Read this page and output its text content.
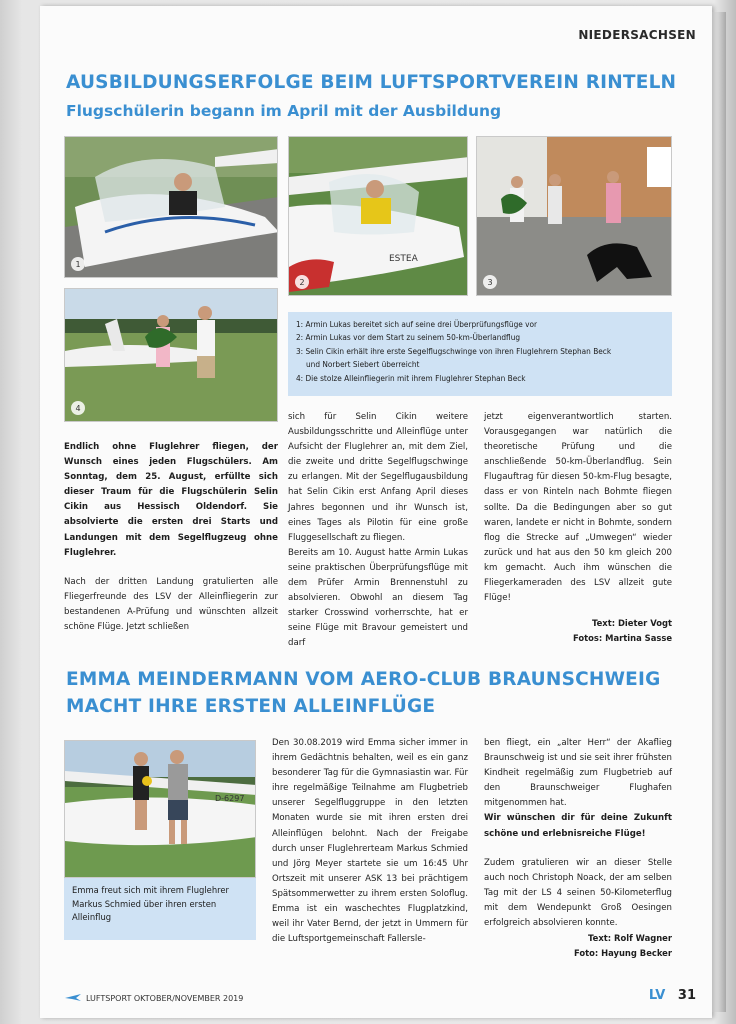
NIEDERSACHSEN
AUSBILDUNGSERFOLGE BEIM LUFTSPORTVEREIN RINTELN
Flugschülerin begann im April mit der Ausbildung
1	ESTEA
2	3
4
1: Armin Lukas bereitet sich auf seine drei Überprüfungsflüge vor
2: Armin Lukas vor dem Start zu seinem 50-km-Überlandflug
3: Selin Cikin erhält ihre erste Segelflugschwinge von ihren Fluglehrern Stephan Beck
und Norbert Siebert überreicht
4: Die stolze Alleinfliegerin mit ihrem Fluglehrer Stephan Beck

Endlich ohne Fluglehrer fliegen, der Wunsch eines jeden Flugschülers. Am Sonntag, dem 25. August, erfüllte sich dieser Traum für die Flugschülerin Selin Cikin aus Hessisch Oldendorf. Sie absolvierte die ersten drei Starts und Landungen mit dem Segelflugzeug ohne Fluglehrer.

Nach der dritten Landung gratulierten alle Fliegerfreunde des LSV der Alleinfliegerin zur bestandenen A-Prüfung und wünschten allzeit schöne Flüge. Jetzt schließen

sich für Selin Cikin weitere Ausbildungsschritte und Alleinflüge unter Aufsicht der Fluglehrer an, mit dem Ziel, die zweite und dritte Segelflugschwinge zu erlangen. Mit der Segelflugausbildung hat Selin Cikin erst Anfang April dieses Jahres begonnen und ihr Wunsch ist, eines Tages als Pilotin für eine große Fluggesellschaft zu fliegen.

Bereits am 10. August hatte Armin Lukas seine praktischen Überprüfungsflüge mit dem Prüfer Armin Brennenstuhl zu absolvieren. Obwohl an diesem Tag starker Crosswind vorherrschte, hat er seine Flüge mit Bravour gemeistert und darf

jetzt eigenverantwortlich starten. Vorausgegangen war natürlich die theoretische Prüfung und die anschließende 50-km-Überlandflug. Sein Flugauftrag für diesen 50-km-Flug besagte, dass er von Rinteln nach Bohmte fliegen sollte. Da die Bedingungen aber so gut waren, landete er nicht in Bohmte, sondern flog die Strecke auf „Umwegen“ wieder zurück und hat aus den 50 km gleich 200 km gemacht. Auch ihm wünschen die Fliegerkameraden des LSV allzeit gute Flüge!

Text: Dieter Vogt

Fotos: Martina Sasse

EMMA MEINDERMANN VOM AERO-CLUB BRAUNSCHWEIG MACHT IHRE ERSTEN ALLEINFLÜGE
D-6297
Emma freut sich mit ihrem Fluglehrer Markus Schmied über ihren ersten Alleinflug

Den 30.08.2019 wird Emma sicher immer in ihrem Gedächtnis behalten, weil es ein ganz besonderer Tag für die Gymnasiastin war. Für ihre regelmäßige Teilnahme am Flugbetrieb unserer Segelfluggruppe in den letzten Monaten wurde sie mit ihren ersten drei Alleinflügen belohnt. Nach der Freigabe durch unser Fluglehrerteam Markus Schmied und Jörg Meyer startete sie um 16:45 Uhr Ortszeit mit unserer ASK 13 bei prächtigem Spätsommerwetter zu ihrem ersten Soloflug. Emma ist ein waschechtes Flugplatzkind, weil ihr Vater Bernd, der jetzt in Ummern für die Luftsportgemeinschaft Fallersle-

ben fliegt, ein „alter Herr“ der Akaflieg Braunschweig ist und sie seit ihrer frühsten Kindheit regelmäßig zum Flugbetrieb auf den Braunschweiger Flughafen mitgenommen hat.

Wir wünschen dir für deine Zukunft schöne und erlebnisreiche Flüge!

Zudem gratulieren wir an dieser Stelle auch noch Christoph Noack, der am selben Tag mit der LS 4 seinen 50-Kilometerflug mit dem Wendepunkt Groß Oesingen erfolgreich absolvieren konnte.

Text: Rolf Wagner

Foto: Hayung Becker

LUFTSPORT OKTOBER/NOVEMBER 2019	LV 31
